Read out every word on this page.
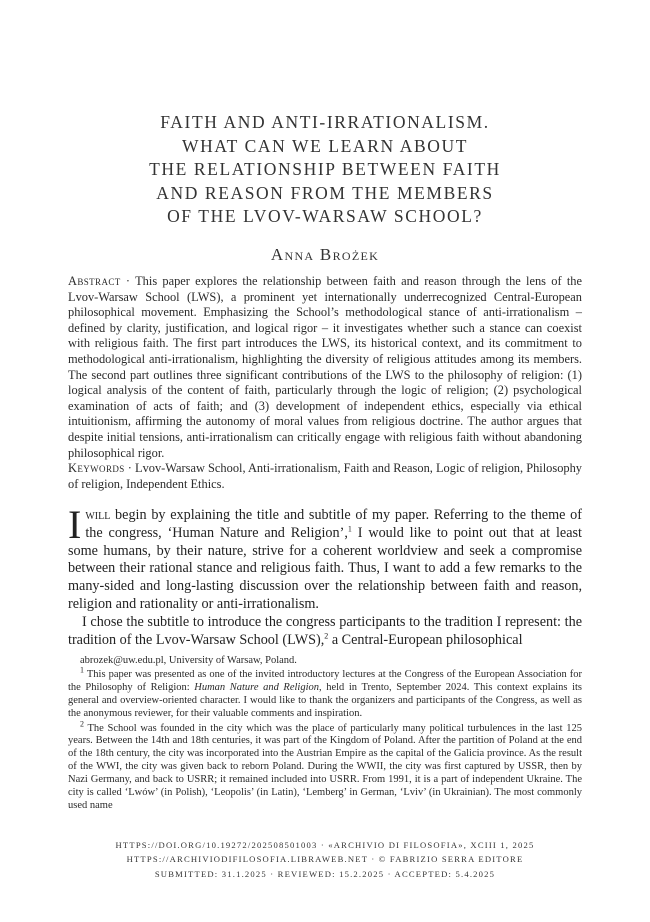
FAITH AND ANTI-IRRATIONALISM.
WHAT CAN WE LEARN ABOUT
THE RELATIONSHIP BETWEEN FAITH
AND REASON FROM THE MEMBERS
OF THE LVOV-WARSAW SCHOOL?
Anna Brożek
Abstract · This paper explores the relationship between faith and reason through the lens of the Lvov-Warsaw School (LWS), a prominent yet internationally underrecognized Central-European philosophical movement. Emphasizing the School’s methodological stance of anti-irrationalism – defined by clarity, justification, and logical rigor – it investigates whether such a stance can coexist with religious faith. The first part introduces the LWS, its historical context, and its commitment to methodological anti-irrationalism, highlighting the diversity of religious attitudes among its members. The second part outlines three significant contributions of the LWS to the philosophy of religion: (1) logical analysis of the content of faith, particularly through the logic of religion; (2) psychological examination of acts of faith; and (3) development of independent ethics, especially via ethical intuitionism, affirming the autonomy of moral values from religious doctrine. The author argues that despite initial tensions, anti-irrationalism can critically engage with religious faith without abandoning philosophical rigor.
Keywords · Lvov-Warsaw School, Anti-irrationalism, Faith and Reason, Logic of religion, Philosophy of religion, Independent Ethics.

Iwill begin by explaining the title and subtitle of my paper. Referring to the theme of the congress, ‘Human Nature and Religion’,$^1$ I would like to point out that at least some humans, by their nature, strive for a coherent worldview and seek a compromise between their rational stance and religious faith. Thus, I want to add a few remarks to the many-sided and long-lasting discussion over the relationship between faith and reason, religion and rationality or anti-irrationalism.

I chose the subtitle to introduce the congress participants to the tradition I represent: the tradition of the Lvov-Warsaw School (LWS),$^2$ a Central-European philosophical

abrozek@uw.edu.pl, University of Warsaw, Poland.

$^1$ This paper was presented as one of the invited introductory lectures at the Congress of the European Association for the Philosophy of Religion: Human Nature and Religion, held in Trento, September 2024. This context explains its general and overview-oriented character. I would like to thank the organizers and participants of the Congress, as well as the anonymous reviewer, for their valuable comments and inspiration.

$^2$ The School was founded in the city which was the place of particularly many political turbulences in the last 125 years. Between the 14th and 18th centuries, it was part of the Kingdom of Poland. After the partition of Poland at the end of the 18th century, the city was incorporated into the Austrian Empire as the capital of the Galicia province. As the result of the WWI, the city was given back to reborn Poland. During the WWII, the city was first captured by USSR, then by Nazi Germany, and back to USRR; it remained included into USRR. From 1991, it is a part of independent Ukraine. The city is called ‘Lwów’ (in Polish), ‘Leopolis’ (in Latin), ‘Lemberg’ in German, ‘Lviv’ (in Ukrainian). The most commonly used name

HTTPS://DOI.ORG/10.19272/202508501003 · «ARCHIVIO DI FILOSOFIA», XCIII 1, 2025
HTTPS://ARCHIVIODIFILOSOFIA.LIBRAWEB.NET · © FABRIZIO SERRA EDITORE
SUBMITTED: 31.1.2025 · REVIEWED: 15.2.2025 · ACCEPTED: 5.4.2025
